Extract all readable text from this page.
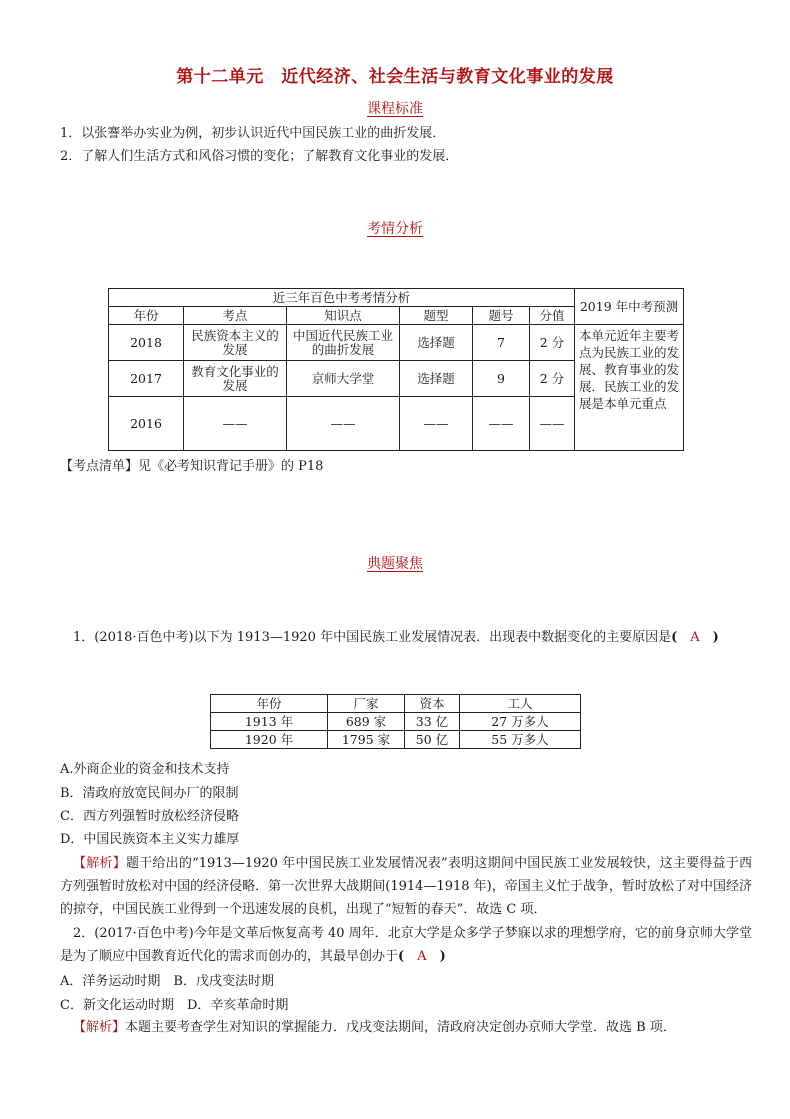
第十二单元　近代经济、社会生活与教育文化事业的发展
课程标准
1．以张謇举办实业为例，初步认识近代中国民族工业的曲折发展．
2．了解人们生活方式和风俗习惯的变化；了解教育文化事业的发展．
考情分析
近三年百色中考考情分析						2019 年中考预测
年份	考点	知识点	题型	题号	分值	
2018	民族资本主义的发展	中国近代民族工业的曲折发展	选择题	7	2 分	本单元近年主要考点为民族工业的发展、教育事业的发展．民族工业的发展是本单元重点
2017	教育文化事业的发展	京师大学堂	选择题	9	2 分	
2016	——	——	——	——	——	
【考点清单】见《必考知识背记手册》的 P18
典题聚焦
1．(2018·百色中考)以下为 1913—1920 年中国民族工业发展情况表．出现表中数据变化的主要原因是(　A　)
年份	厂家	资本	工人
1913 年	689 家	33 亿	27 万多人
1920 年	1795 家	50 亿	55 万多人
A.外商企业的资金和技术支持
B．清政府放宽民间办厂的限制
C．西方列强暂时放松经济侵略
D．中国民族资本主义实力雄厚
【解析】题干给出的“1913—1920 年中国民族工业发展情况表”表明这期间中国民族工业发展较快，这主要得益于西方列强暂时放松对中国的经济侵略．第一次世界大战期间(1914—1918 年)，帝国主义忙于战争，暂时放松了对中国经济的掠夺，中国民族工业得到一个迅速发展的良机，出现了“短暂的春天”．故选 C 项．
2．(2017·百色中考)今年是文革后恢复高考 40 周年．北京大学是众多学子梦寐以求的理想学府，它的前身京师大学堂是为了顺应中国教育近代化的需求而创办的，其最早创办于(　A　)
A．洋务运动时期　B．戊戌变法时期
C．新文化运动时期　D．辛亥革命时期
【解析】本题主要考查学生对知识的掌握能力．戊戌变法期间，清政府决定创办京师大学堂．故选 B 项．
